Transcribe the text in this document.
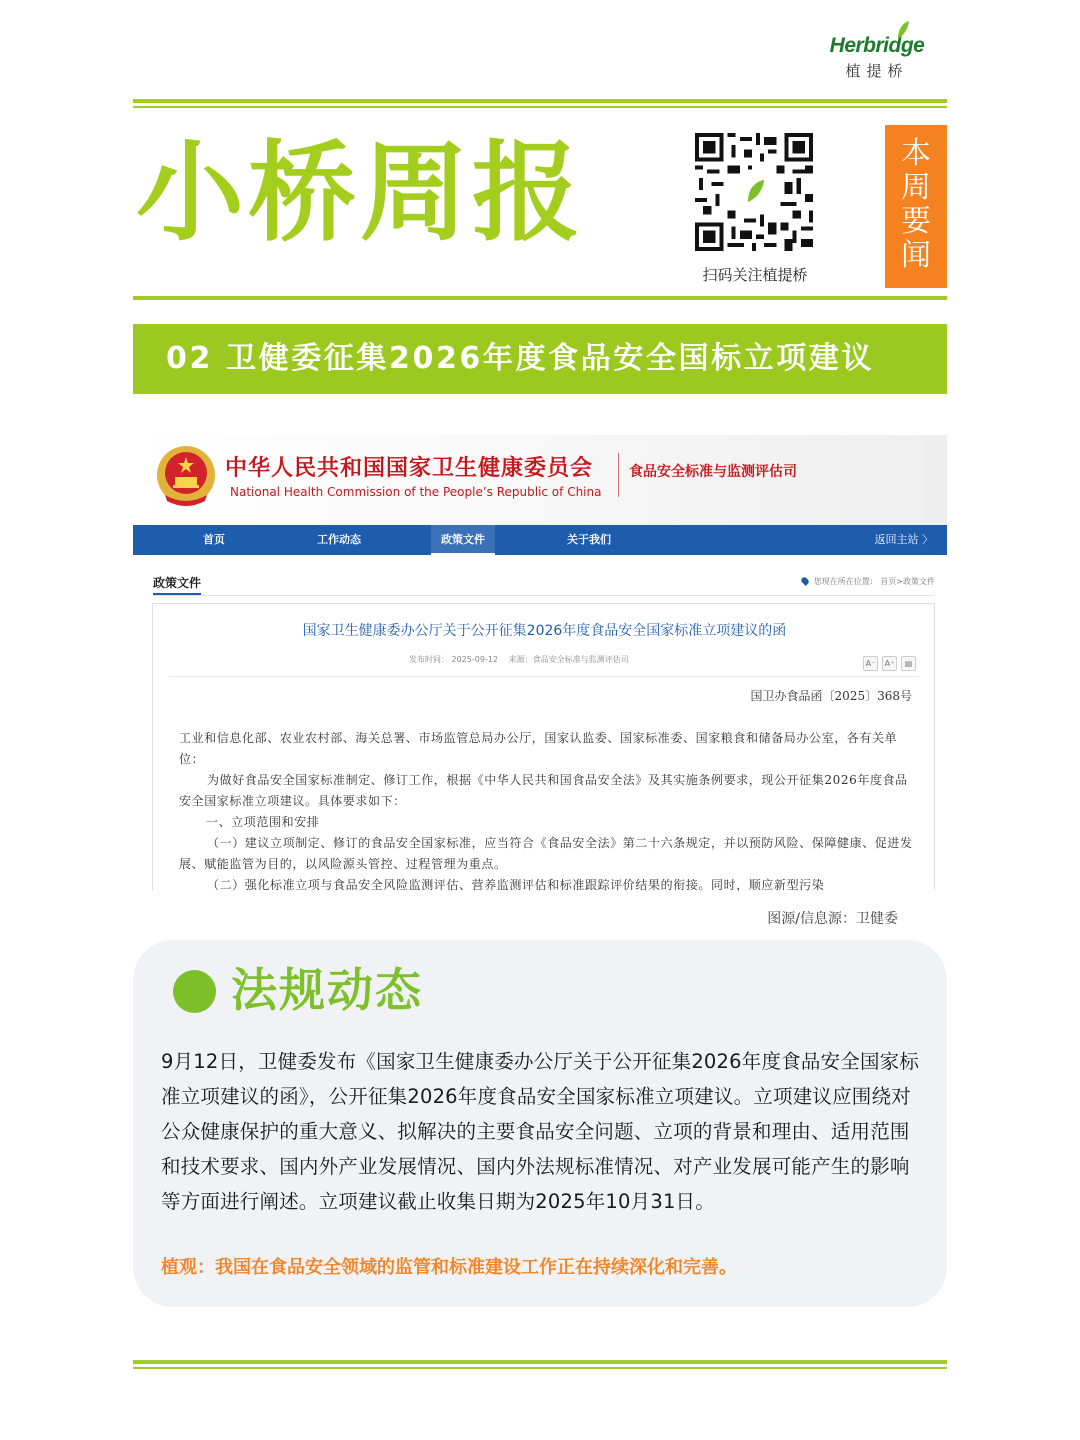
Herbridge
植提桥
小桥周报
扫码关注植提桥
本
周
要
闻
02 卫健委征集2026年度食品安全国标立项建议
中华人民共和国国家卫生健康委员会
National Health Commission of the People’s Republic of China
食品安全标准与监测评估司
首页	工作动态	政策文件	关于我们	返回主站 〉
政策文件	您现在所在位置： 首页>政策文件
国家卫生健康委办公厅关于公开征集2026年度食品安全国家标准立项建议的函
发布时间： 2025-09-12 来源：食品安全标准与监测评估司	A⁻ A⁺ ▤
国卫办食品函〔2025〕368号

工业和信息化部、农业农村部、海关总署、市场监管总局办公厅，国家认监委、国家标准委、国家粮食和储备局办公室，各有关单位：

为做好食品安全国家标准制定、修订工作，根据《中华人民共和国食品安全法》及其实施条例要求，现公开征集2026年度食品安全国家标准立项建议。具体要求如下：

一、立项范围和安排

（一）建议立项制定、修订的食品安全国家标准，应当符合《食品安全法》第二十六条规定，并以预防风险、保障健康、促进发展、赋能监管为目的，以风险源头管控、过程管理为重点。

（二）强化标准立项与食品安全风险监测评估、营养监测评估和标准跟踪评价结果的衔接。同时，顺应新型污染

图源/信息源：卫健委
法规动态
9月12日，卫健委发布《国家卫生健康委办公厅关于公开征集2026年度食品安全国家标准立项建议的函》，公开征集2026年度食品安全国家标准立项建议。立项建议应围绕对公众健康保护的重大意义、拟解决的主要食品安全问题、立项的背景和理由、适用范围和技术要求、国内外产业发展情况、国内外法规标准情况、对产业发展可能产生的影响等方面进行阐述。立项建议截止收集日期为2025年10月31日。
植观：我国在食品安全领域的监管和标准建设工作正在持续深化和完善。
